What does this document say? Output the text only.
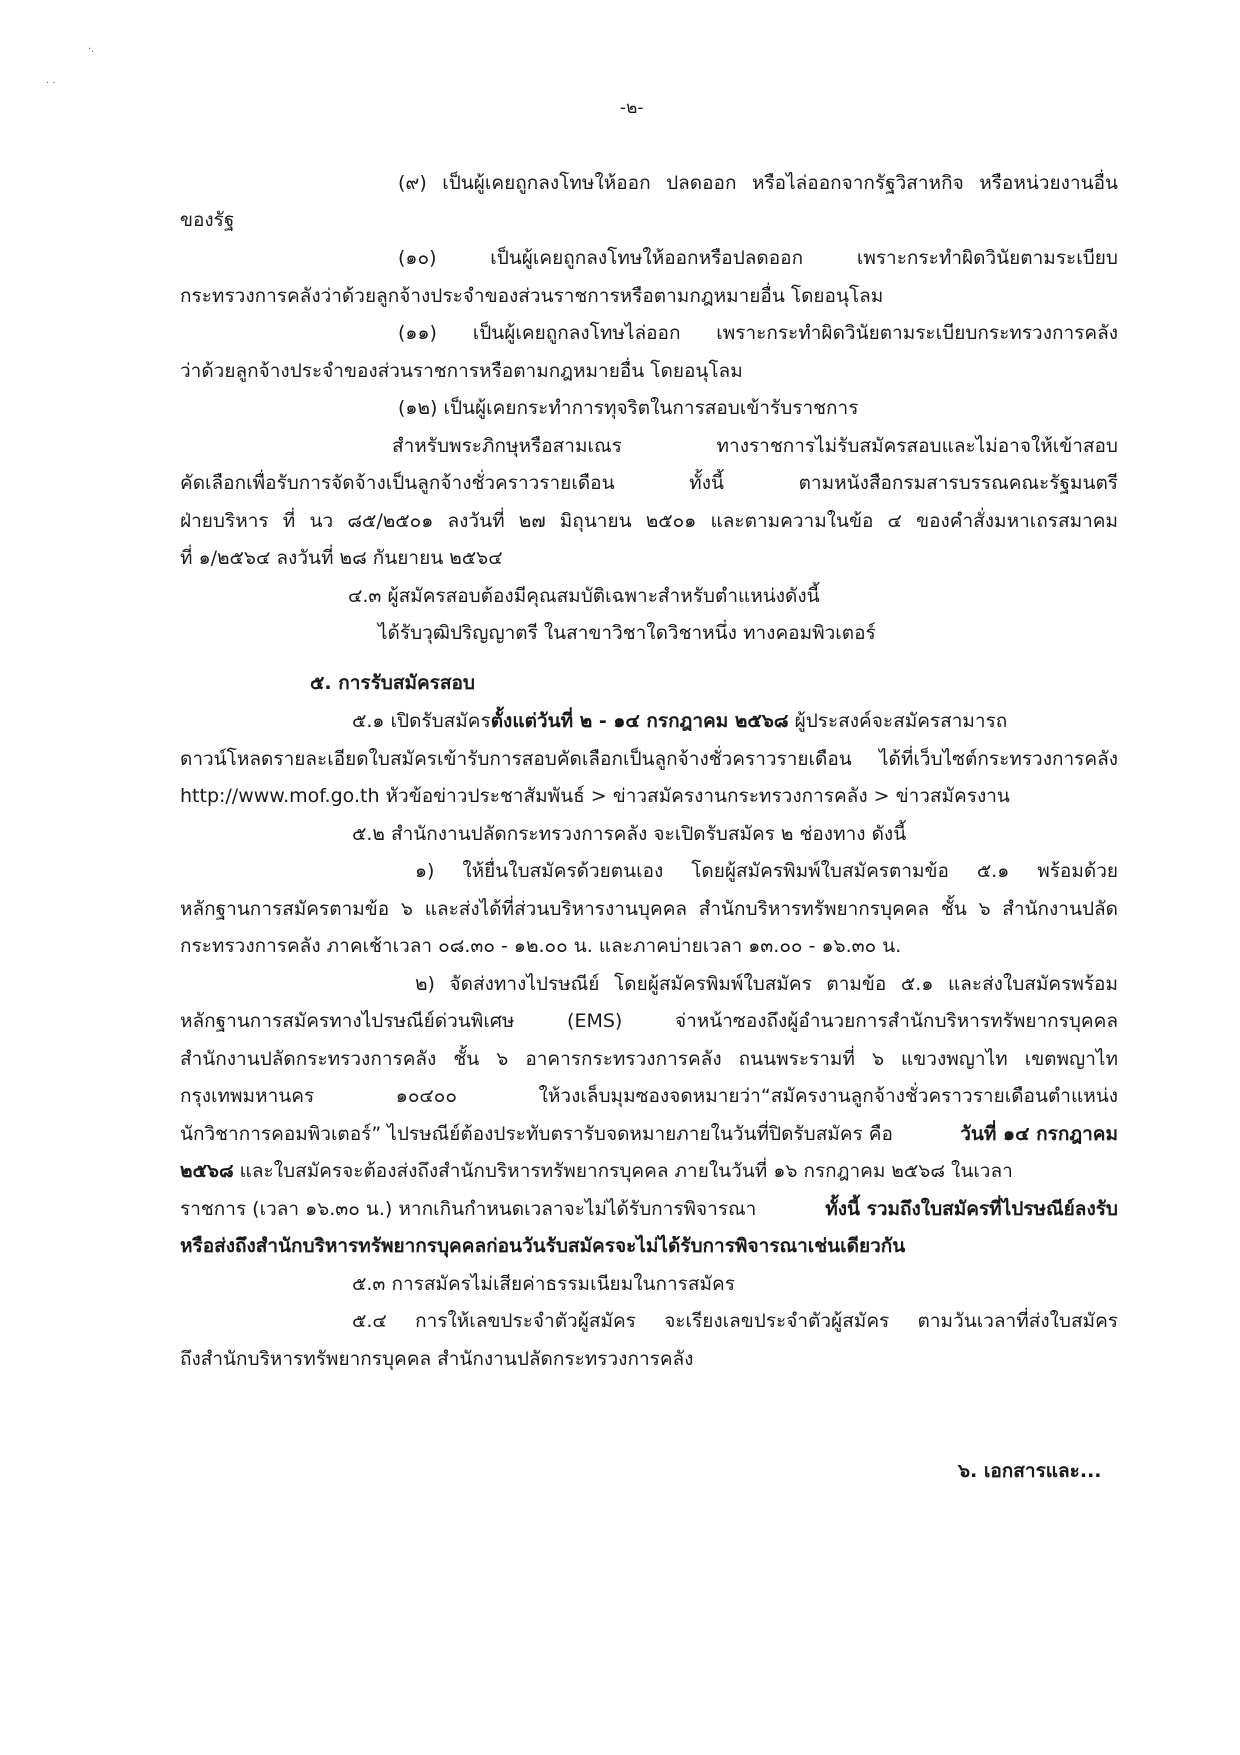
·.
· ·
-๒-
(๙) เป็นผู้เคยถูกลงโทษให้ออก ปลดออก หรือไล่ออกจากรัฐวิสาหกิจ หรือหน่วยงานอื่น
ของรัฐ
(๑๐) เป็นผู้เคยถูกลงโทษให้ออกหรือปลดออก เพราะกระทำผิดวินัยตามระเบียบ
กระทรวงการคลังว่าด้วยลูกจ้างประจำของส่วนราชการหรือตามกฎหมายอื่น โดยอนุโลม
(๑๑) เป็นผู้เคยถูกลงโทษไล่ออก เพราะกระทำผิดวินัยตามระเบียบกระทรวงการคลัง
ว่าด้วยลูกจ้างประจำของส่วนราชการหรือตามกฎหมายอื่น โดยอนุโลม
(๑๒) เป็นผู้เคยกระทำการทุจริตในการสอบเข้ารับราชการ
สำหรับพระภิกษุหรือสามเณร ทางราชการไม่รับสมัครสอบและไม่อาจให้เข้าสอบ
คัดเลือกเพื่อรับการจัดจ้างเป็นลูกจ้างชั่วคราวรายเดือน ทั้งนี้ ตามหนังสือกรมสารบรรณคณะรัฐมนตรี
ฝ่ายบริหาร ที่ นว ๘๕/๒๕๐๑ ลงวันที่ ๒๗ มิถุนายน ๒๕๐๑ และตามความในข้อ ๔ ของคำสั่งมหาเถรสมาคม
ที่ ๑/๒๕๖๔ ลงวันที่ ๒๘ กันยายน ๒๕๖๔
๔.๓ ผู้สมัครสอบต้องมีคุณสมบัติเฉพาะสำหรับตำแหน่งดังนี้
ได้รับวุฒิปริญญาตรี ในสาขาวิชาใดวิชาหนึ่ง ทางคอมพิวเตอร์
๕. การรับสมัครสอบ
๕.๑ เปิดรับสมัคร ตั้งแต่วันที่ ๒ - ๑๔ กรกฎาคม ๒๕๖๘ ผู้ประสงค์จะสมัครสามารถ
ดาวน์โหลดรายละเอียดใบสมัครเข้ารับการสอบคัดเลือกเป็นลูกจ้างชั่วคราวรายเดือน ได้ที่เว็บไซต์กระทรวงการคลัง
http://www.mof.go.th หัวข้อข่าวประชาสัมพันธ์ > ข่าวสมัครงานกระทรวงการคลัง > ข่าวสมัครงาน
๕.๒ สำนักงานปลัดกระทรวงการคลัง จะเปิดรับสมัคร ๒ ช่องทาง ดังนี้
๑) ให้ยื่นใบสมัครด้วยตนเอง โดยผู้สมัครพิมพ์ใบสมัครตามข้อ ๕.๑ พร้อมด้วย
หลักฐานการสมัครตามข้อ ๖ และส่งได้ที่ส่วนบริหารงานบุคคล สำนักบริหารทรัพยากรบุคคล ชั้น ๖ สำนักงานปลัด
กระทรวงการคลัง ภาคเช้าเวลา ๐๘.๓๐ - ๑๒.๐๐ น. และภาคบ่ายเวลา ๑๓.๐๐ - ๑๖.๓๐ น.
๒) จัดส่งทางไปรษณีย์ โดยผู้สมัครพิมพ์ใบสมัคร ตามข้อ ๕.๑ และส่งใบสมัครพร้อม
หลักฐานการสมัครทางไปรษณีย์ด่วนพิเศษ (EMS) จ่าหน้าซองถึงผู้อำนวยการสำนักบริหารทรัพยากรบุคคล
สำนักงานปลัดกระทรวงการคลัง ชั้น ๖ อาคารกระทรวงการคลัง ถนนพระรามที่ ๖ แขวงพญาไท เขตพญาไท
กรุงเทพมหานคร ๑๐๔๐๐ ให้วงเล็บมุมซองจดหมายว่า“สมัครงานลูกจ้างชั่วคราวรายเดือนตำแหน่ง
นักวิชาการคอมพิวเตอร์” ไปรษณีย์ต้องประทับตรารับจดหมายภายในวันที่ปิดรับสมัคร คือ	วันที่ ๑๔ กรกฎาคม
๒๕๖๘ และใบสมัครจะต้องส่งถึงสำนักบริหารทรัพยากรบุคคล ภายในวันที่ ๑๖ กรกฎาคม ๒๕๖๘ ในเวลา
ราชการ (เวลา ๑๖.๓๐ น.) หากเกินกำหนดเวลาจะไม่ได้รับการพิจารณา	ทั้งนี้ รวมถึงใบสมัครที่ไปรษณีย์ลงรับ
หรือส่งถึงสำนักบริหารทรัพยากรบุคคลก่อนวันรับสมัครจะไม่ได้รับการพิจารณาเช่นเดียวกัน
๕.๓ การสมัครไม่เสียค่าธรรมเนียมในการสมัคร
๕.๔ การให้เลขประจำตัวผู้สมัคร จะเรียงเลขประจำตัวผู้สมัคร ตามวันเวลาที่ส่งใบสมัคร
ถึงสำนักบริหารทรัพยากรบุคคล สำนักงานปลัดกระทรวงการคลัง
๖. เอกสารและ...
